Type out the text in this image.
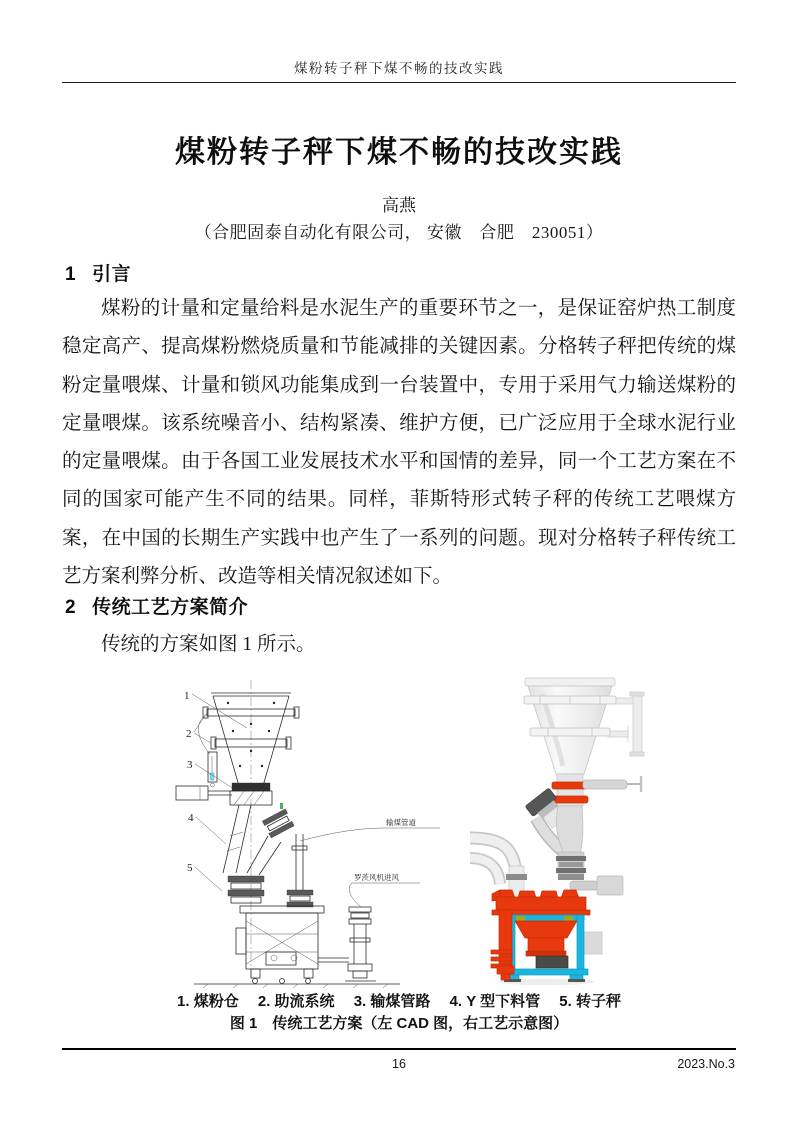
煤粉转子秤下煤不畅的技改实践
煤粉转子秤下煤不畅的技改实践
高燕
（合肥固泰自动化有限公司， 安徽　合肥　230051）
1 引言
煤粉的计量和定量给料是水泥生产的重要环节之一，是保证窑炉热工制度稳定高产、提高煤粉燃烧质量和节能减排的关键因素。分格转子秤把传统的煤粉定量喂煤、计量和锁风功能集成到一台装置中，专用于采用气力输送煤粉的定量喂煤。该系统噪音小、结构紧凑、维护方便，已广泛应用于全球水泥行业的定量喂煤。由于各国工业发展技术水平和国情的差异，同一个工艺方案在不同的国家可能产生不同的结果。同样，菲斯特形式转子秤的传统工艺喂煤方案，在中国的长期生产实践中也产生了一系列的问题。现对分格转子秤传统工艺方案利弊分析、改造等相关情况叙述如下。
2 传统工艺方案简介
传统的方案如图 1 所示。
1
2
3
4
5
输煤管道
罗茨风机进风
1. 煤粉仓　 2. 助流系统　 3. 输煤管路　 4. Y 型下料管　 5. 转子秤
图 1　传统工艺方案（左 CAD 图，右工艺示意图）
16	2023.No.3
